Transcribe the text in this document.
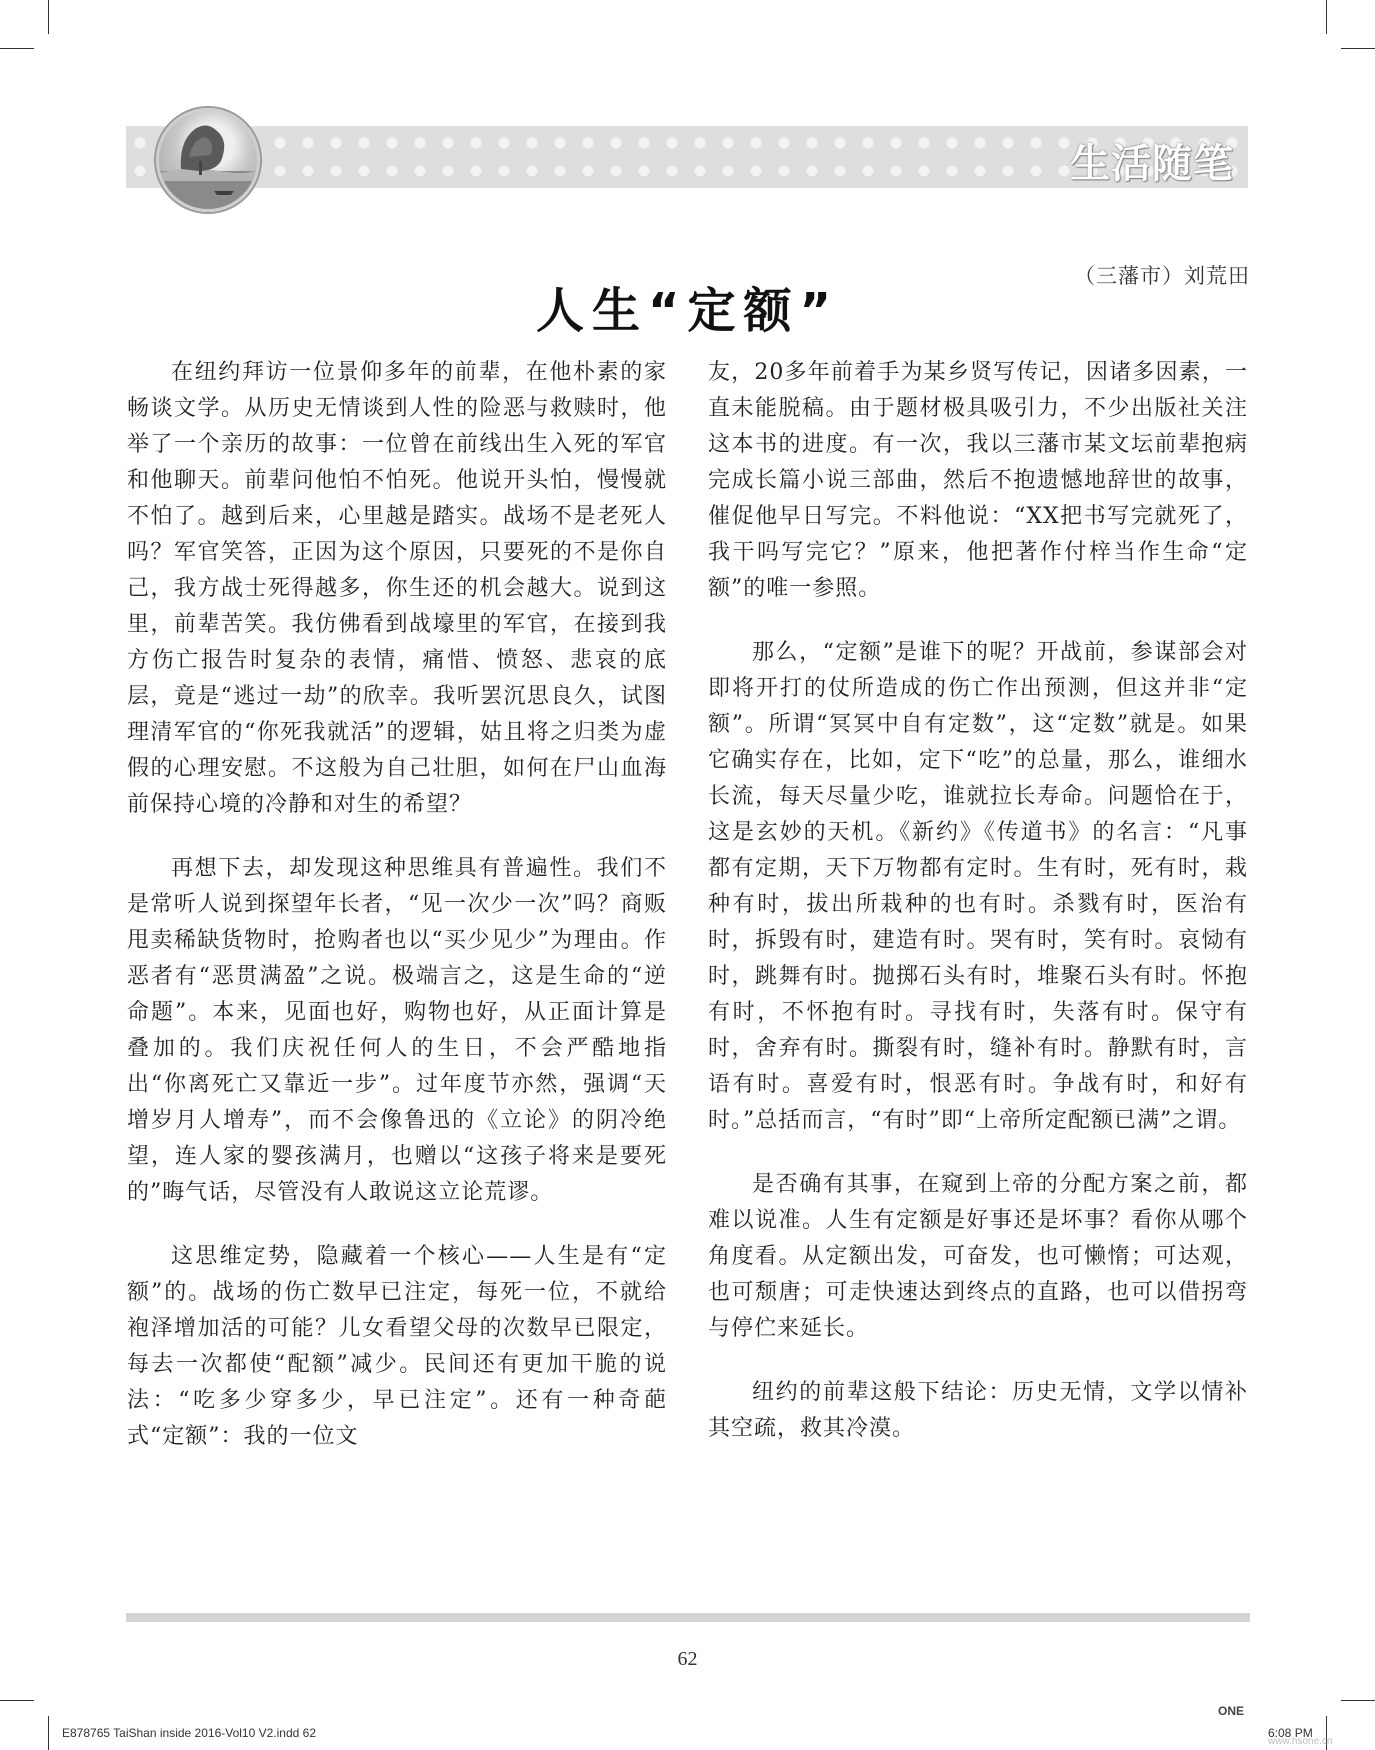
生活随笔
人生“定额”
（三藩市）刘荒田

在纽约拜访一位景仰多年的前辈，在他朴素的家畅谈文学。从历史无情谈到人性的险恶与救赎时，他举了一个亲历的故事：一位曾在前线出生入死的军官和他聊天。前辈问他怕不怕死。他说开头怕，慢慢就不怕了。越到后来，心里越是踏实。战场不是老死人吗？军官笑答，正因为这个原因，只要死的不是你自己，我方战士死得越多，你生还的机会越大。说到这里，前辈苦笑。我仿佛看到战壕里的军官，在接到我方伤亡报告时复杂的表情，痛惜、愤怒、悲哀的底层，竟是“逃过一劫”的欣幸。我听罢沉思良久，试图理清军官的“你死我就活”的逻辑，姑且将之归类为虚假的心理安慰。不这般为自己壮胆，如何在尸山血海前保持心境的冷静和对生的希望？

再想下去，却发现这种思维具有普遍性。我们不是常听人说到探望年长者，“见一次少一次”吗？商贩甩卖稀缺货物时，抢购者也以“买少见少”为理由。作恶者有“恶贯满盈”之说。极端言之，这是生命的“逆命题”。本来，见面也好，购物也好，从正面计算是叠加的。我们庆祝任何人的生日，不会严酷地指出“你离死亡又靠近一步”。过年度节亦然，强调“天增岁月人增寿”，而不会像鲁迅的《立论》的阴冷绝望，连人家的婴孩满月，也赠以“这孩子将来是要死的”晦气话，尽管没有人敢说这立论荒谬。

这思维定势，隐藏着一个核心——人生是有“定额”的。战场的伤亡数早已注定，每死一位，不就给袍泽增加活的可能？儿女看望父母的次数早已限定，每去一次都使“配额”减少。民间还有更加干脆的说法：“吃多少穿多少，早已注定”。还有一种奇葩式“定额”：我的一位文

友，20多年前着手为某乡贤写传记，因诸多因素，一直未能脱稿。由于题材极具吸引力，不少出版社关注这本书的进度。有一次，我以三藩市某文坛前辈抱病完成长篇小说三部曲，然后不抱遗憾地辞世的故事，催促他早日写完。不料他说：“XX把书写完就死了，我干吗写完它？”原来，他把著作付梓当作生命“定额”的唯一参照。

那么，“定额”是谁下的呢？开战前，参谋部会对即将开打的仗所造成的伤亡作出预测，但这并非“定额”。所谓“冥冥中自有定数”，这“定数”就是。如果它确实存在，比如，定下“吃”的总量，那么，谁细水长流，每天尽量少吃，谁就拉长寿命。问题恰在于，这是玄妙的天机。《新约》《传道书》的名言：“凡事都有定期，天下万物都有定时。生有时，死有时，栽种有时，拔出所栽种的也有时。杀戮有时，医治有时，拆毁有时，建造有时。哭有时，笑有时。哀恸有时，跳舞有时。抛掷石头有时，堆聚石头有时。怀抱有时，不怀抱有时。寻找有时，失落有时。保守有时，舍弃有时。撕裂有时，缝补有时。静默有时，言语有时。喜爱有时，恨恶有时。争战有时，和好有时。”总括而言，“有时”即“上帝所定配额已满”之谓。

是否确有其事，在窥到上帝的分配方案之前，都难以说准。人生有定额是好事还是坏事？看你从哪个角度看。从定额出发，可奋发，也可懒惰；可达观，也可颓唐；可走快速达到终点的直路，也可以借拐弯与停伫来延长。

纽约的前辈这般下结论：历史无情，文学以情补其空疏，救其冷漠。

62
E878765 TaiShan inside 2016-Vol10 V2.indd 62
ONE
6:08 PM
www.hsone.cn
